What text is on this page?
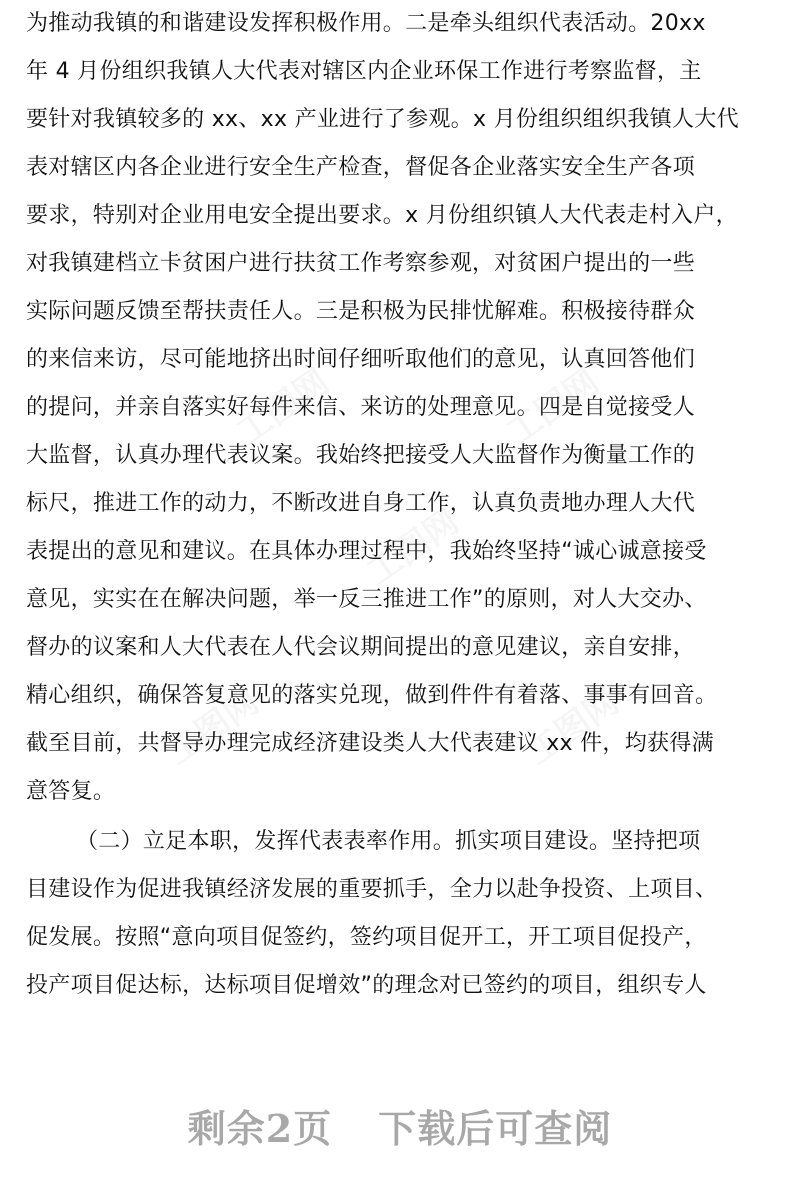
工图网	工图网
工图网
工图网	工图网
为推动我镇的和谐建设发挥积极作用。二是牵头组织代表活动。20xx
年 4 月份组织我镇人大代表对辖区内企业环保工作进行考察监督，主
要针对我镇较多的 xx、xx 产业进行了参观。x 月份组织组织我镇人大代
表对辖区内各企业进行安全生产检查，督促各企业落实安全生产各项
要求，特别对企业用电安全提出要求。x 月份组织镇人大代表走村入户，
对我镇建档立卡贫困户进行扶贫工作考察参观，对贫困户提出的一些
实际问题反馈至帮扶责任人。三是积极为民排忧解难。积极接待群众
的来信来访，尽可能地挤出时间仔细听取他们的意见，认真回答他们
的提问，并亲自落实好每件来信、来访的处理意见。四是自觉接受人
大监督，认真办理代表议案。我始终把接受人大监督作为衡量工作的
标尺，推进工作的动力，不断改进自身工作，认真负责地办理人大代
表提出的意见和建议。在具体办理过程中，我始终坚持“诚心诚意接受
意见，实实在在解决问题，举一反三推进工作”的原则，对人大交办、
督办的议案和人大代表在人代会议期间提出的意见建议，亲自安排，
精心组织，确保答复意见的落实兑现，做到件件有着落、事事有回音。
截至目前，共督导办理完成经济建设类人大代表建议 xx 件，均获得满
意答复。
（二）立足本职，发挥代表表率作用。抓实项目建设。坚持把项
目建设作为促进我镇经济发展的重要抓手，全力以赴争投资、上项目、
促发展。按照“意向项目促签约，签约项目促开工，开工项目促投产，
投产项目促达标，达标项目促增效”的理念对已签约的项目，组织专人
剩余2页 下载后可查阅
